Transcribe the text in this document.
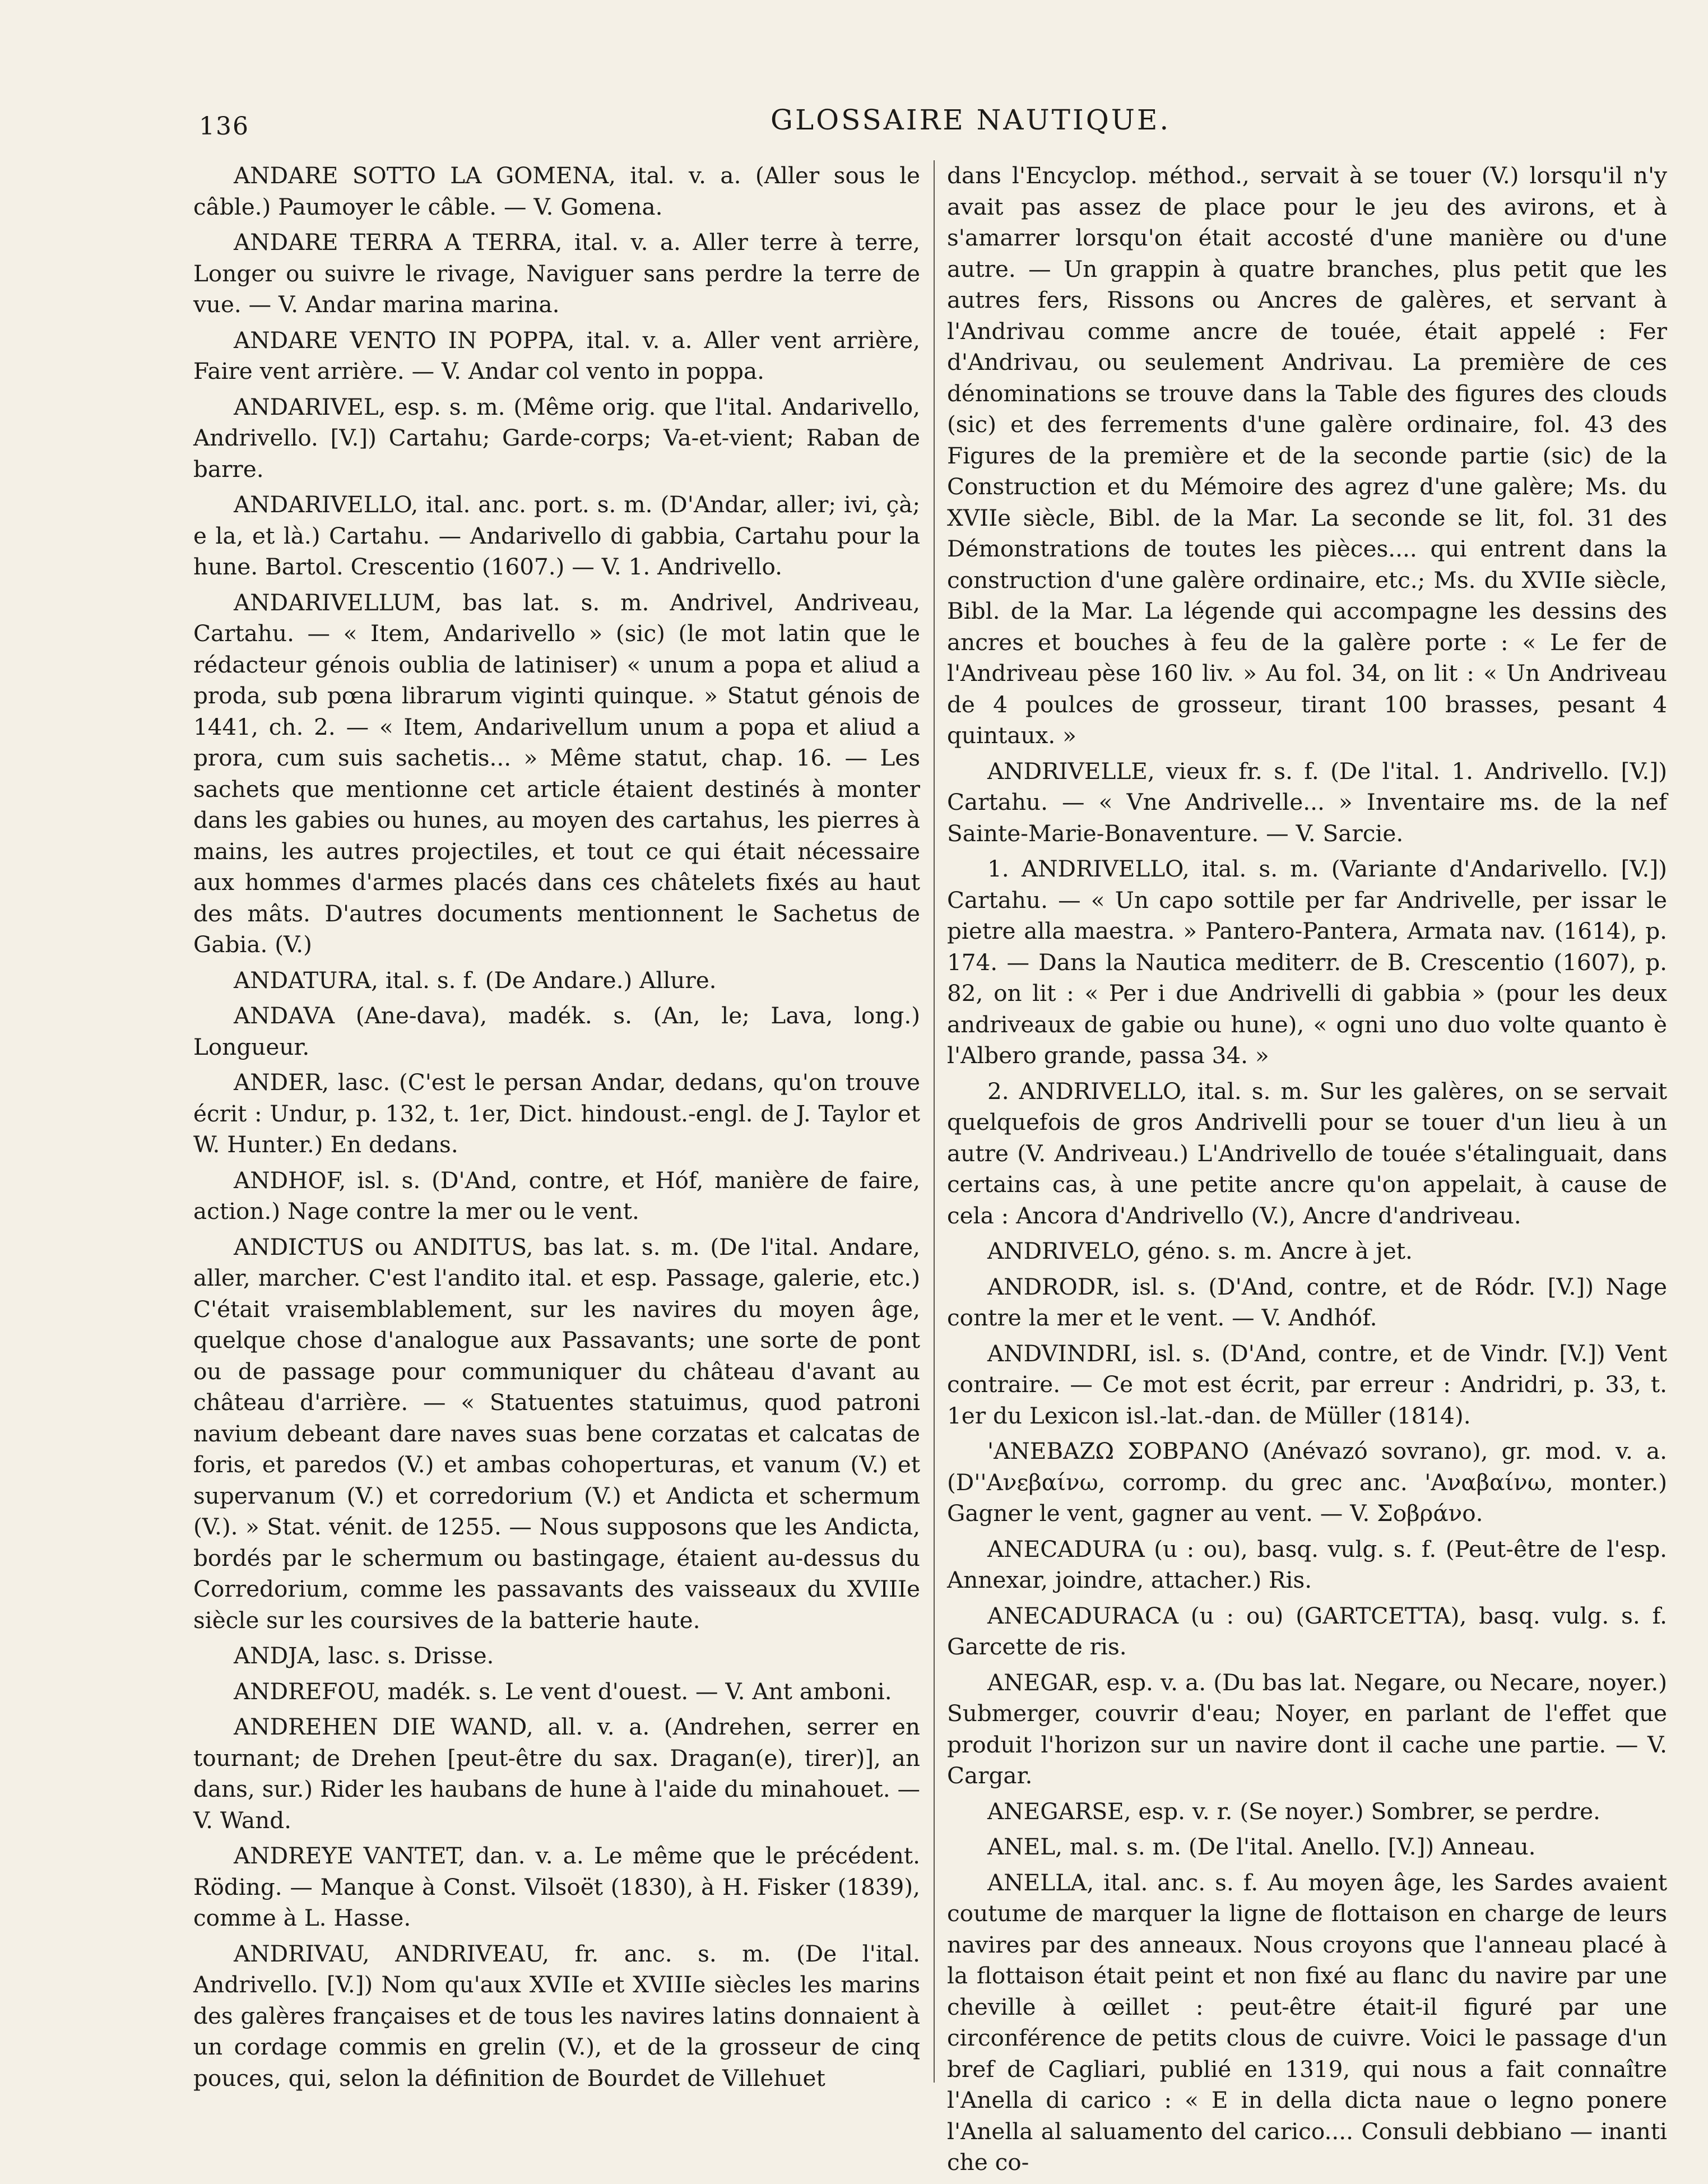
136	GLOSSAIRE NAUTIQUE.

ANDARE SOTTO LA GOMENA, ital. v. a. (Aller sous le câble.) Paumoyer le câble. — V. Gomena.

ANDARE TERRA A TERRA, ital. v. a. Aller terre à terre, Longer ou suivre le rivage, Naviguer sans perdre la terre de vue. — V. Andar marina marina.

ANDARE VENTO IN POPPA, ital. v. a. Aller vent arrière, Faire vent arrière. — V. Andar col vento in poppa.

ANDARIVEL, esp. s. m. (Même orig. que l'ital. Andarivello, Andrivello. [V.]) Cartahu; Garde-corps; Va-et-vient; Raban de barre.

ANDARIVELLO, ital. anc. port. s. m. (D'Andar, aller; ivi, çà; e la, et là.) Cartahu. — Andarivello di gabbia, Cartahu pour la hune. Bartol. Crescentio (1607.) — V. 1. Andrivello.

ANDARIVELLUM, bas lat. s. m. Andrivel, Andriveau, Cartahu. — « Item, Andarivello » (sic) (le mot latin que le rédacteur génois oublia de latiniser) « unum a popa et aliud a proda, sub pœna librarum viginti quinque. » Statut génois de 1441, ch. 2. — « Item, Andarivellum unum a popa et aliud a prora, cum suis sachetis... » Même statut, chap. 16. — Les sachets que mentionne cet article étaient destinés à monter dans les gabies ou hunes, au moyen des cartahus, les pierres à mains, les autres projectiles, et tout ce qui était nécessaire aux hommes d'armes placés dans ces châtelets fixés au haut des mâts. D'autres documents mentionnent le Sachetus de Gabia. (V.)

ANDATURA, ital. s. f. (De Andare.) Allure.

ANDAVA (Ane-dava), madék. s. (An, le; Lava, long.) Longueur.

ANDER, lasc. (C'est le persan Andar, dedans, qu'on trouve écrit : Undur, p. 132, t. 1er, Dict. hindoust.-engl. de J. Taylor et W. Hunter.) En dedans.

ANDHOF, isl. s. (D'And, contre, et Hóf, manière de faire, action.) Nage contre la mer ou le vent.

ANDICTUS ou ANDITUS, bas lat. s. m. (De l'ital. Andare, aller, marcher. C'est l'andito ital. et esp. Passage, galerie, etc.) C'était vraisemblablement, sur les navires du moyen âge, quelque chose d'analogue aux Passavants; une sorte de pont ou de passage pour communiquer du château d'avant au château d'arrière. — « Statuentes statuimus, quod patroni navium debeant dare naves suas bene corzatas et calcatas de foris, et paredos (V.) et ambas cohoperturas, et vanum (V.) et supervanum (V.) et corredorium (V.) et Andicta et schermum (V.). » Stat. vénit. de 1255. — Nous supposons que les Andicta, bordés par le schermum ou bastingage, étaient au-dessus du Corredorium, comme les passavants des vaisseaux du XVIIIe siècle sur les coursives de la batterie haute.

ANDJA, lasc. s. Drisse.

ANDREFOU, madék. s. Le vent d'ouest. — V. Ant amboni.

ANDREHEN DIE WAND, all. v. a. (Andrehen, serrer en tournant; de Drehen [peut-être du sax. Dragan(e), tirer)], an dans, sur.) Rider les haubans de hune à l'aide du minahouet. — V. Wand.

ANDREYE VANTET, dan. v. a. Le même que le précédent. Röding. — Manque à Const. Vilsoët (1830), à H. Fisker (1839), comme à L. Hasse.

ANDRIVAU, ANDRIVEAU, fr. anc. s. m. (De l'ital. Andrivello. [V.]) Nom qu'aux XVIIe et XVIIIe siècles les marins des galères françaises et de tous les navires latins donnaient à un cordage commis en grelin (V.), et de la grosseur de cinq pouces, qui, selon la définition de Bourdet de Villehuet

dans l'Encyclop. méthod., servait à se touer (V.) lorsqu'il n'y avait pas assez de place pour le jeu des avirons, et à s'amarrer lorsqu'on était accosté d'une manière ou d'une autre. — Un grappin à quatre branches, plus petit que les autres fers, Rissons ou Ancres de galères, et servant à l'Andrivau comme ancre de touée, était appelé : Fer d'Andrivau, ou seulement Andrivau. La première de ces dénominations se trouve dans la Table des figures des clouds (sic) et des ferrements d'une galère ordinaire, fol. 43 des Figures de la première et de la seconde partie (sic) de la Construction et du Mémoire des agrez d'une galère; Ms. du XVIIe siècle, Bibl. de la Mar. La seconde se lit, fol. 31 des Démonstrations de toutes les pièces.... qui entrent dans la construction d'une galère ordinaire, etc.; Ms. du XVIIe siècle, Bibl. de la Mar. La légende qui accompagne les dessins des ancres et bouches à feu de la galère porte : « Le fer de l'Andriveau pèse 160 liv. » Au fol. 34, on lit : « Un Andriveau de 4 poulces de grosseur, tirant 100 brasses, pesant 4 quintaux. »

ANDRIVELLE, vieux fr. s. f. (De l'ital. 1. Andrivello. [V.]) Cartahu. — « Vne Andrivelle... » Inventaire ms. de la nef Sainte-Marie-Bonaventure. — V. Sarcie.

1. ANDRIVELLO, ital. s. m. (Variante d'Andarivello. [V.]) Cartahu. — « Un capo sottile per far Andrivelle, per issar le pietre alla maestra. » Pantero-Pantera, Armata nav. (1614), p. 174. — Dans la Nautica mediterr. de B. Crescentio (1607), p. 82, on lit : « Per i due Andrivelli di gabbia » (pour les deux andriveaux de gabie ou hune), « ogni uno duo volte quanto è l'Albero grande, passa 34. »

2. ANDRIVELLO, ital. s. m. Sur les galères, on se servait quelquefois de gros Andrivelli pour se touer d'un lieu à un autre (V. Andriveau.) L'Andrivello de touée s'étalinguait, dans certains cas, à une petite ancre qu'on appelait, à cause de cela : Ancora d'Andrivello (V.), Ancre d'andriveau.

ANDRIVELO, géno. s. m. Ancre à jet.

ANDRODR, isl. s. (D'And, contre, et de Ródr. [V.]) Nage contre la mer et le vent. — V. Andhóf.

ANDVINDRI, isl. s. (D'And, contre, et de Vindr. [V.]) Vent contraire. — Ce mot est écrit, par erreur : Andridri, p. 33, t. 1er du Lexicon isl.-lat.-dan. de Müller (1814).

'ANEBAZΩ ΣΟΒΡΑΝΟ (Anévazó sovrano), gr. mod. v. a. (D''Ανεβαίνω, corromp. du grec anc. 'Αναβαίνω, monter.) Gagner le vent, gagner au vent. — V. Σοβράνο.

ANECADURA (u : ou), basq. vulg. s. f. (Peut-être de l'esp. Annexar, joindre, attacher.) Ris.

ANECADURACA (u : ou) (GARTCETTA), basq. vulg. s. f. Garcette de ris.

ANEGAR, esp. v. a. (Du bas lat. Negare, ou Necare, noyer.) Submerger, couvrir d'eau; Noyer, en parlant de l'effet que produit l'horizon sur un navire dont il cache une partie. — V. Cargar.

ANEGARSE, esp. v. r. (Se noyer.) Sombrer, se perdre.

ANEL, mal. s. m. (De l'ital. Anello. [V.]) Anneau.

ANELLA, ital. anc. s. f. Au moyen âge, les Sardes avaient coutume de marquer la ligne de flottaison en charge de leurs navires par des anneaux. Nous croyons que l'anneau placé à la flottaison était peint et non fixé au flanc du navire par une cheville à œillet : peut-être était-il figuré par une circonférence de petits clous de cuivre. Voici le passage d'un bref de Cagliari, publié en 1319, qui nous a fait connaître l'Anella di carico : « E in della dicta naue o legno ponere l'Anella al saluamento del carico.... Consuli debbiano — inanti che co-
